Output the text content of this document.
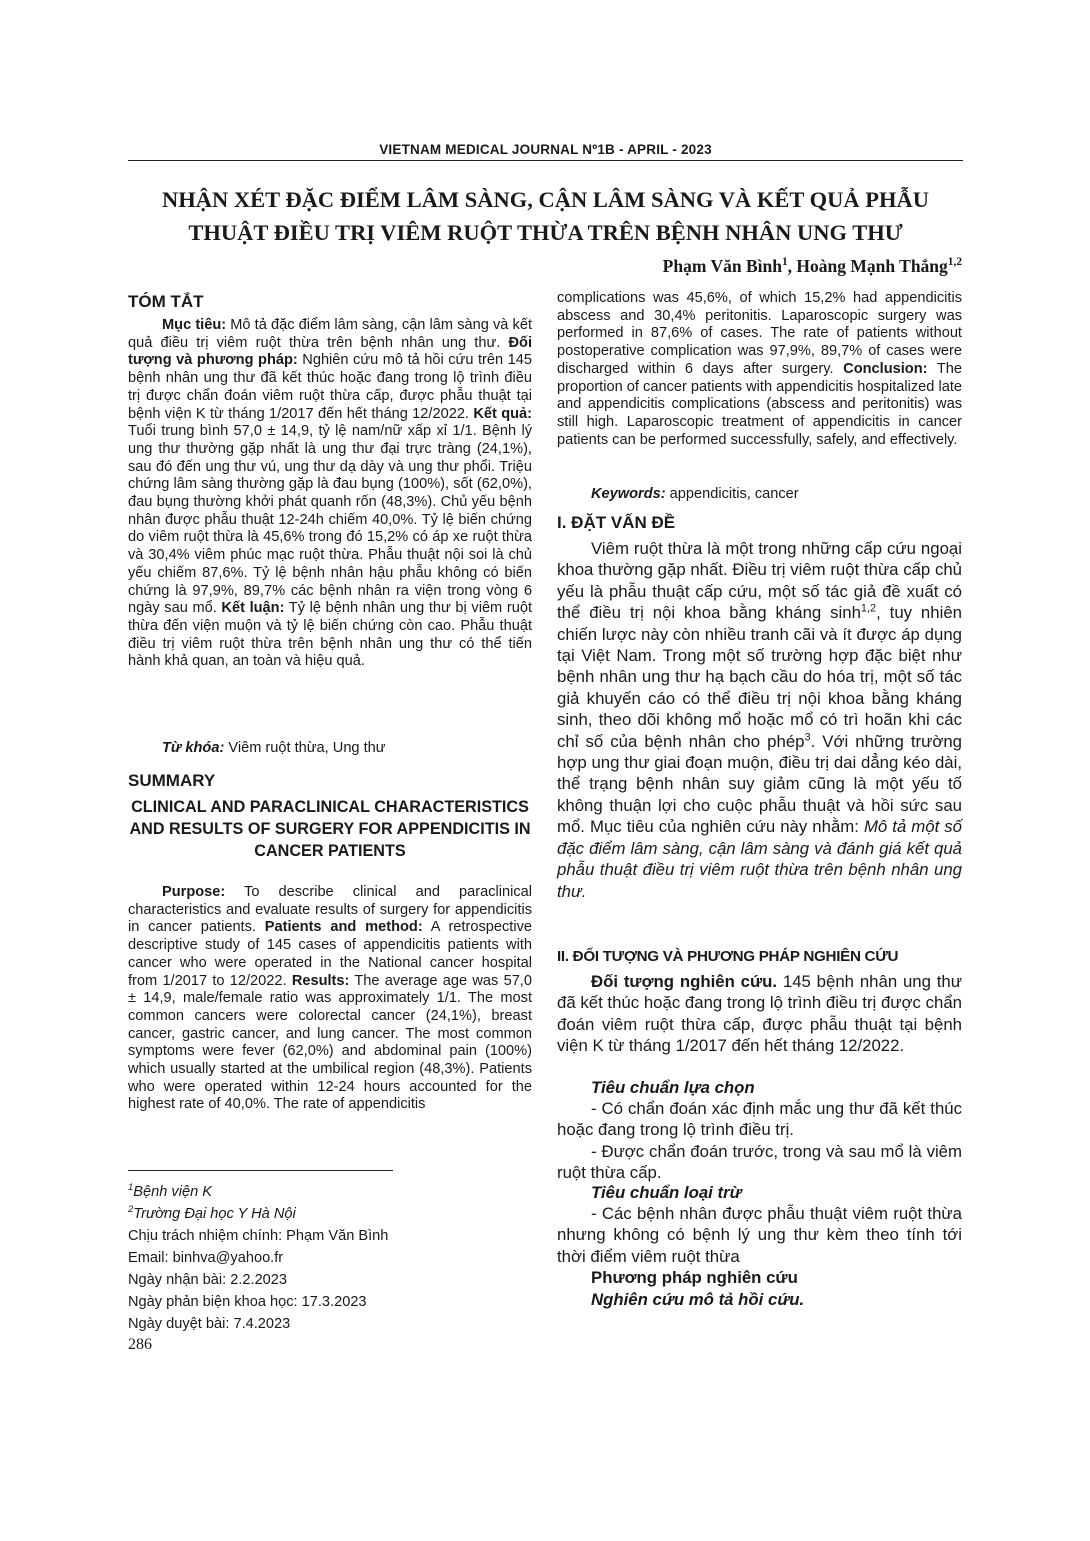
VIETNAM MEDICAL JOURNAL Nº1B - APRIL - 2023
NHẬN XÉT ĐẶC ĐIỂM LÂM SÀNG, CẬN LÂM SÀNG VÀ KẾT QUẢ PHẪU THUẬT ĐIỀU TRỊ VIÊM RUỘT THỪA TRÊN BỆNH NHÂN UNG THƯ
Phạm Văn Bình$^1$, Hoàng Mạnh Thắng$^{1,2}$
TÓM TẮT

Mục tiêu: Mô tả đặc điểm lâm sàng, cận lâm sàng và kết quả điều trị viêm ruột thừa trên bệnh nhân ung thư. Đối tượng và phương pháp: Nghiên cứu mô tả hồi cứu trên 145 bệnh nhân ung thư đã kết thúc hoặc đang trong lộ trình điều trị được chẩn đoán viêm ruột thừa cấp, được phẫu thuật tại bệnh viện K từ tháng 1/2017 đến hết tháng 12/2022. Kết quả: Tuổi trung bình 57,0 ± 14,9, tỷ lệ nam/nữ xấp xỉ 1/1. Bệnh lý ung thư thường gặp nhất là ung thư đại trực tràng (24,1%), sau đó đến ung thư vú, ung thư dạ dày và ung thư phổi. Triệu chứng lâm sàng thường gặp là đau bụng (100%), sốt (62,0%), đau bụng thường khởi phát quanh rốn (48,3%). Chủ yếu bệnh nhân được phẫu thuật 12-24h chiếm 40,0%. Tỷ lệ biến chứng do viêm ruột thừa là 45,6% trong đó 15,2% có áp xe ruột thừa và 30,4% viêm phúc mạc ruột thừa. Phẫu thuật nội soi là chủ yếu chiếm 87,6%. Tỷ lệ bệnh nhân hậu phẫu không có biến chứng là 97,9%, 89,7% các bệnh nhân ra viện trong vòng 6 ngày sau mổ. Kết luận: Tỷ lệ bệnh nhân ung thư bị viêm ruột thừa đến viện muộn và tỷ lệ biến chứng còn cao. Phẫu thuật điều trị viêm ruột thừa trên bệnh nhân ung thư có thể tiến hành khả quan, an toàn và hiệu quả.

Từ khóa: Viêm ruột thừa, Ung thư

SUMMARY
CLINICAL AND PARACLINICAL CHARACTERISTICS AND RESULTS OF SURGERY FOR APPENDICITIS IN CANCER PATIENTS

Purpose: To describe clinical and paraclinical characteristics and evaluate results of surgery for appendicitis in cancer patients. Patients and method: A retrospective descriptive study of 145 cases of appendicitis patients with cancer who were operated in the National cancer hospital from 1/2017 to 12/2022. Results: The average age was 57,0 ± 14,9, male/female ratio was approximately 1/1. The most common cancers were colorectal cancer (24,1%), breast cancer, gastric cancer, and lung cancer. The most common symptoms were fever (62,0%) and abdominal pain (100%) which usually started at the umbilical region (48,3%). Patients who were operated within 12-24 hours accounted for the highest rate of 40,0%. The rate of appendicitis

$^1$Bệnh viện K
$^2$Trường Đại học Y Hà Nội
Chịu trách nhiệm chính: Phạm Văn Bình
Email: binhva@yahoo.fr
Ngày nhận bài: 2.2.2023
Ngày phản biện khoa học: 17.3.2023
Ngày duyệt bài: 7.4.2023
286

complications was 45,6%, of which 15,2% had appendicitis abscess and 30,4% peritonitis. Laparoscopic surgery was performed in 87,6% of cases. The rate of patients without postoperative complication was 97,9%, 89,7% of cases were discharged within 6 days after surgery. Conclusion: The proportion of cancer patients with appendicitis hospitalized late and appendicitis complications (abscess and peritonitis) was still high. Laparoscopic treatment of appendicitis in cancer patients can be performed successfully, safely, and effectively.

Keywords: appendicitis, cancer

I. ĐẶT VẤN ĐỀ

Viêm ruột thừa là một trong những cấp cứu ngoại khoa thường gặp nhất. Điều trị viêm ruột thừa cấp chủ yếu là phẫu thuật cấp cứu, một số tác giả đề xuất có thể điều trị nội khoa bằng kháng $\sinh^{1,2}$, tuy nhiên chiến lược này còn nhiều tranh cãi và ít được áp dụng tại Việt Nam. Trong một số trường hợp đặc biệt như bệnh nhân ung thư hạ bạch cầu do hóa trị, một số tác giả khuyến cáo có thể điều trị nội khoa bằng kháng sinh, theo dõi không mổ hoặc mổ có trì hoãn khi các chỉ số của bệnh nhân cho phép$^3$. Với những trường hợp ung thư giai đoạn muộn, điều trị dai dẳng kéo dài, thể trạng bệnh nhân suy giảm cũng là một yếu tố không thuận lợi cho cuộc phẫu thuật và hồi sức sau mổ. Mục tiêu của nghiên cứu này nhằm: Mô tả một số đặc điểm lâm sàng, cận lâm sàng và đánh giá kết quả phẫu thuật điều trị viêm ruột thừa trên bệnh nhân ung thư.

II. ĐỐI TƯỢNG VÀ PHƯƠNG PHÁP NGHIÊN CỨU

Đối tượng nghiên cứu. 145 bệnh nhân ung thư đã kết thúc hoặc đang trong lộ trình điều trị được chẩn đoán viêm ruột thừa cấp, được phẫu thuật tại bệnh viện K từ tháng 1/2017 đến hết tháng 12/2022.

Tiêu chuẩn lựa chọn

- Có chẩn đoán xác định mắc ung thư đã kết thúc hoặc đang trong lộ trình điều trị.

- Được chẩn đoán trước, trong và sau mổ là viêm ruột thừa cấp.

Tiêu chuẩn loại trừ

- Các bệnh nhân được phẫu thuật viêm ruột thừa nhưng không có bệnh lý ung thư kèm theo tính tới thời điểm viêm ruột thừa

Phương pháp nghiên cứu
Nghiên cứu mô tả hồi cứu.
